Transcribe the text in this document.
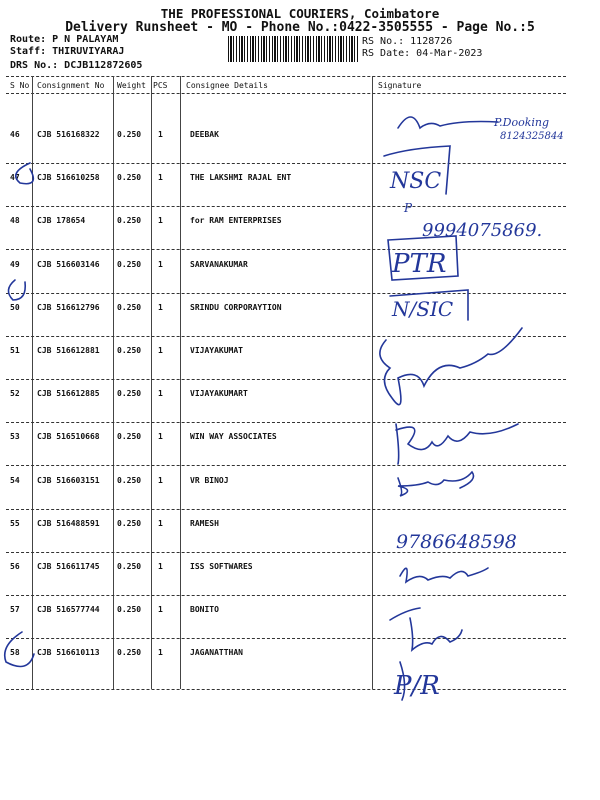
THE PROFESSIONAL COURIERS, Coimbatore
Delivery Runsheet - MO - Phone No.:0422-3505555 - Page No.:5
Route: P N PALAYAM
Staff: THIRUVIYARAJ
DRS No.: DCJB112872605
RS No.: 1128726
RS Date: 04-Mar-2023
S No Consignment No Weight PCS Consignee Details	Signature
46 CJB 516168322 0.250 1	DEEBAK
47 CJB 516610258 0.250 1	THE LAKSHMI RAJAL ENT
48 CJB 178654	0.250 1	for RAM ENTERPRISES
49 CJB 516603146 0.250 1	SARVANAKUMAR
50 CJB 516612796 0.250 1	SRINDU CORPORAYTION
51 CJB 516612881 0.250 1	VIJAYAKUMAT
52 CJB 516612885 0.250 1	VIJAYAKUMART
53 CJB 516510668 0.250 1	WIN WAY ASSOCIATES
54 CJB 516603151 0.250 1	VR BINOJ
55 CJB 516488591 0.250 1	RAMESH
56 CJB 516611745 0.250 1	ISS SOFTWARES
57 CJB 516577744 0.250 1	BONITO
58 CJB 516610113 0.250 1	JAGANATTHAN
P.Dooking
8124325844
NSC
P
9994075869.
PTR
N/SIC
9786648598
P/R
